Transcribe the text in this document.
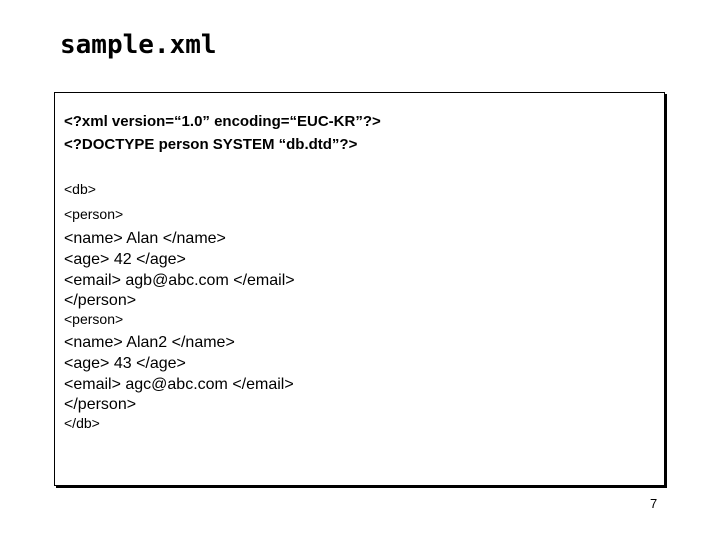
sample.xml
<?xml version=“1.0” encoding=“EUC-KR”?>
<?DOCTYPE person SYSTEM “db.dtd”?>
<db>
<person>
<name> Alan </name>
<age> 42 </age>
<email> agb@abc.com </email>
</person>
<person>
<name> Alan2 </name>
<age> 43 </age>
<email> agc@abc.com </email>
</person>
</db>
7
